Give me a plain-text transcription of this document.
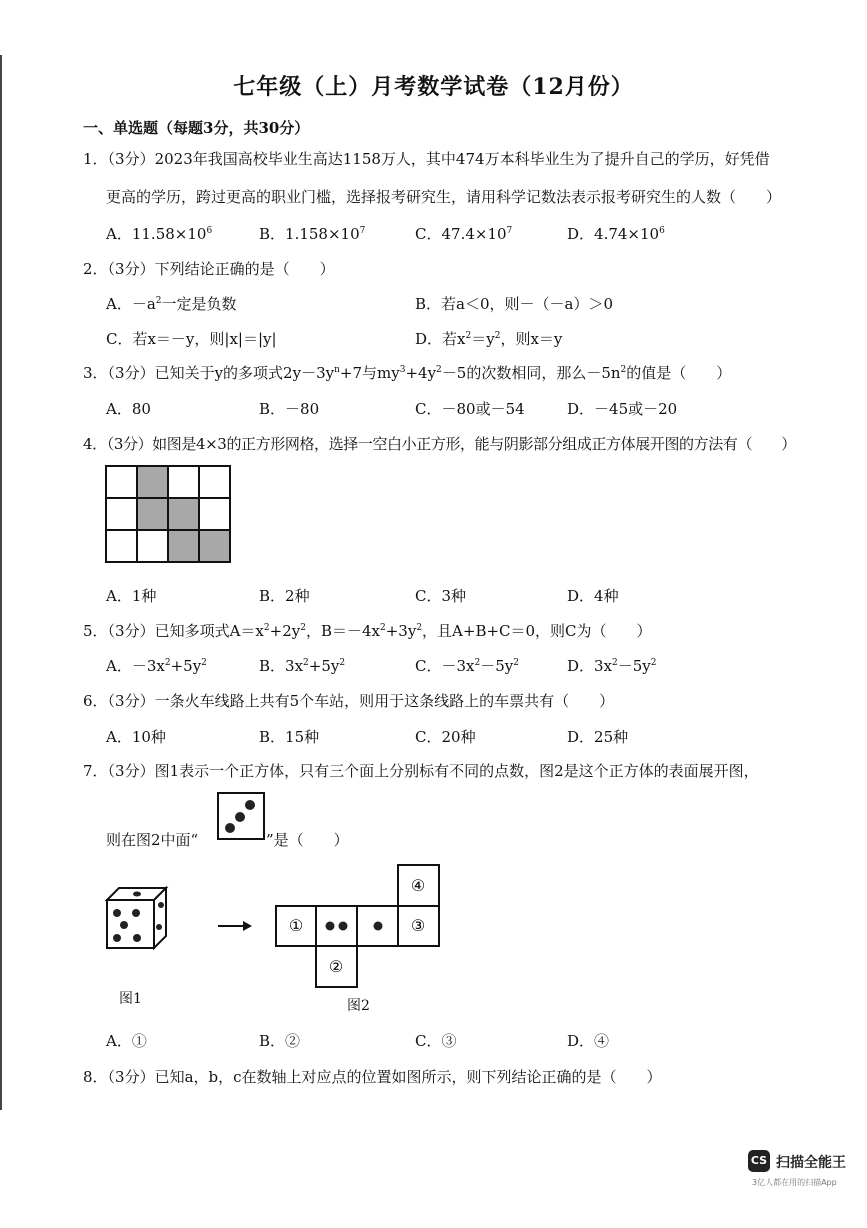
七年级（上）月考数学试卷（12月份）
一、单选题（每题3分，共30分）
1．（3分）2023年我国高校毕业生高达1158万人，其中474万本科毕业生为了提升自己的学历，好凭借
更高的学历，跨过更高的职业门槛，选择报考研究生，请用科学记数法表示报考研究生的人数（　　）
A．$11.58\times 10^6$	B．$1.158\times 10^7$	C．$47.4\times 10^7$	D．$4.74\times 10^6$
2．（3分）下列结论正确的是（　　）
A．$-a^2$一定是负数	B．若a＜0，则－（－a）＞0
C．若x＝－y，则|x|＝|y|	D．若$x^2=y^2$，则x＝y
3．（3分）已知关于y的多项式$2y-3y^n+7$与$my^3+4y^2-5$的次数相同，那么$-5n^2$的值是（　　）
A．80	B．－80	C．－80或－54	D．－45或－20
4．（3分）如图是4×3的正方形网格，选择一空白小正方形，能与阴影部分组成正方体展开图的方法有（　　）
A．1种	B．2种	C．3种	D．4种
5．（3分）已知多项式$A=x^2+2y^2$，$B=-4x^2+3y^2$，且A+B+C＝0，则C为（　　）
A．$-3x^2+5y^2$	B．$3x^2+5y^2$	C．$-3x^2-5y^2$	D．$3x^2-5y^2$
6．（3分）一条火车线路上共有5个车站，则用于这条线路上的车票共有（　　）
A．10种	B．15种	C．20种	D．25种
7．（3分）图1表示一个正方体，只有三个面上分别标有不同的点数，图2是这个正方体的表面展开图，
则在图2中面“	”是（　　）
图1
①
②
③
④
图2
A．①	B．②	C．③	D．④
8．（3分）已知a，b，c在数轴上对应点的位置如图所示，则下列结论正确的是（　　）
CS 扫描全能王
3亿人都在用的扫描App
